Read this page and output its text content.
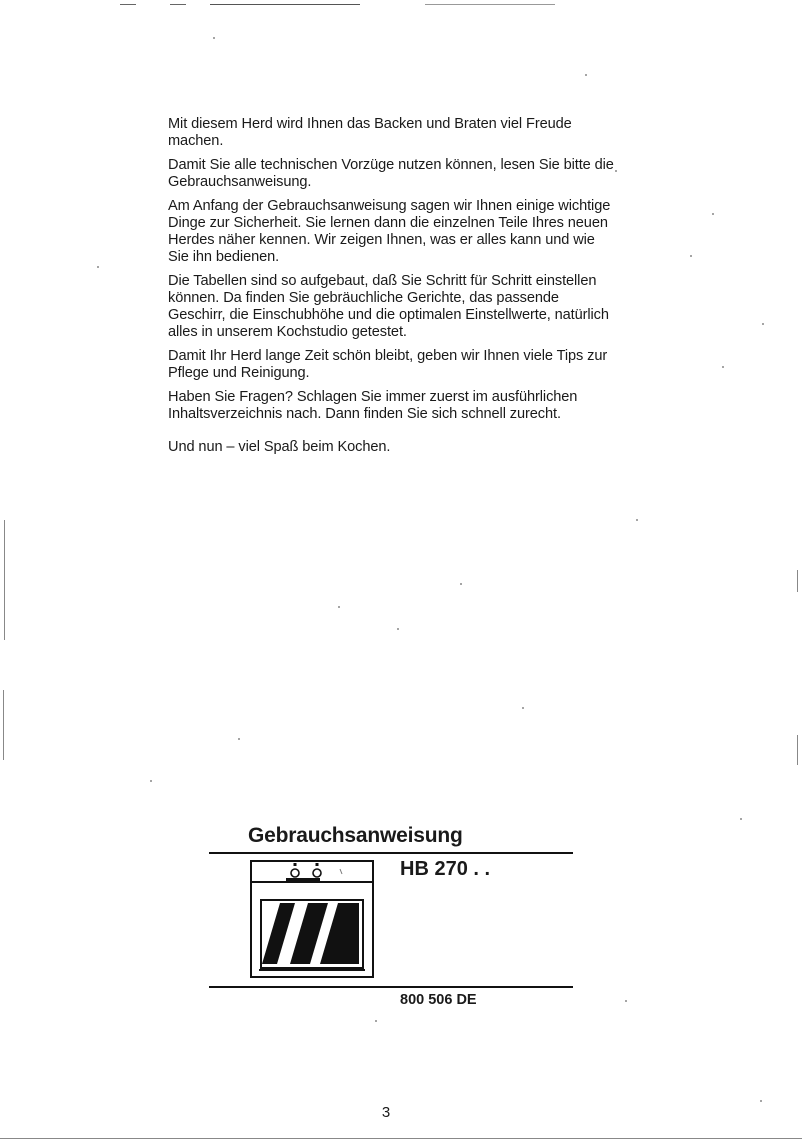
Mit diesem Herd wird Ihnen das Backen und Braten viel Freude machen.

Damit Sie alle technischen Vorzüge nutzen können, lesen Sie bitte die Gebrauchsanweisung.

Am Anfang der Gebrauchsanweisung sagen wir Ihnen einige wichtige Dinge zur Sicherheit. Sie lernen dann die einzelnen Teile Ihres neuen Herdes näher kennen. Wir zeigen Ihnen, was er alles kann und wie Sie ihn bedienen.

Die Tabellen sind so aufgebaut, daß Sie Schritt für Schritt einstellen können. Da finden Sie gebräuchliche Gerichte, das passende Geschirr, die Einschubhöhe und die optimalen Einstellwerte, natürlich alles in unserem Kochstudio getestet.

Damit Ihr Herd lange Zeit schön bleibt, geben wir Ihnen viele Tips zur Pflege und Reinigung.

Haben Sie Fragen? Schlagen Sie immer zuerst im ausführlichen Inhaltsverzeichnis nach. Dann finden Sie sich schnell zurecht.

Und nun – viel Spaß beim Kochen.

Gebrauchsanweisung
HB 270 . .
800 506 DE
3
